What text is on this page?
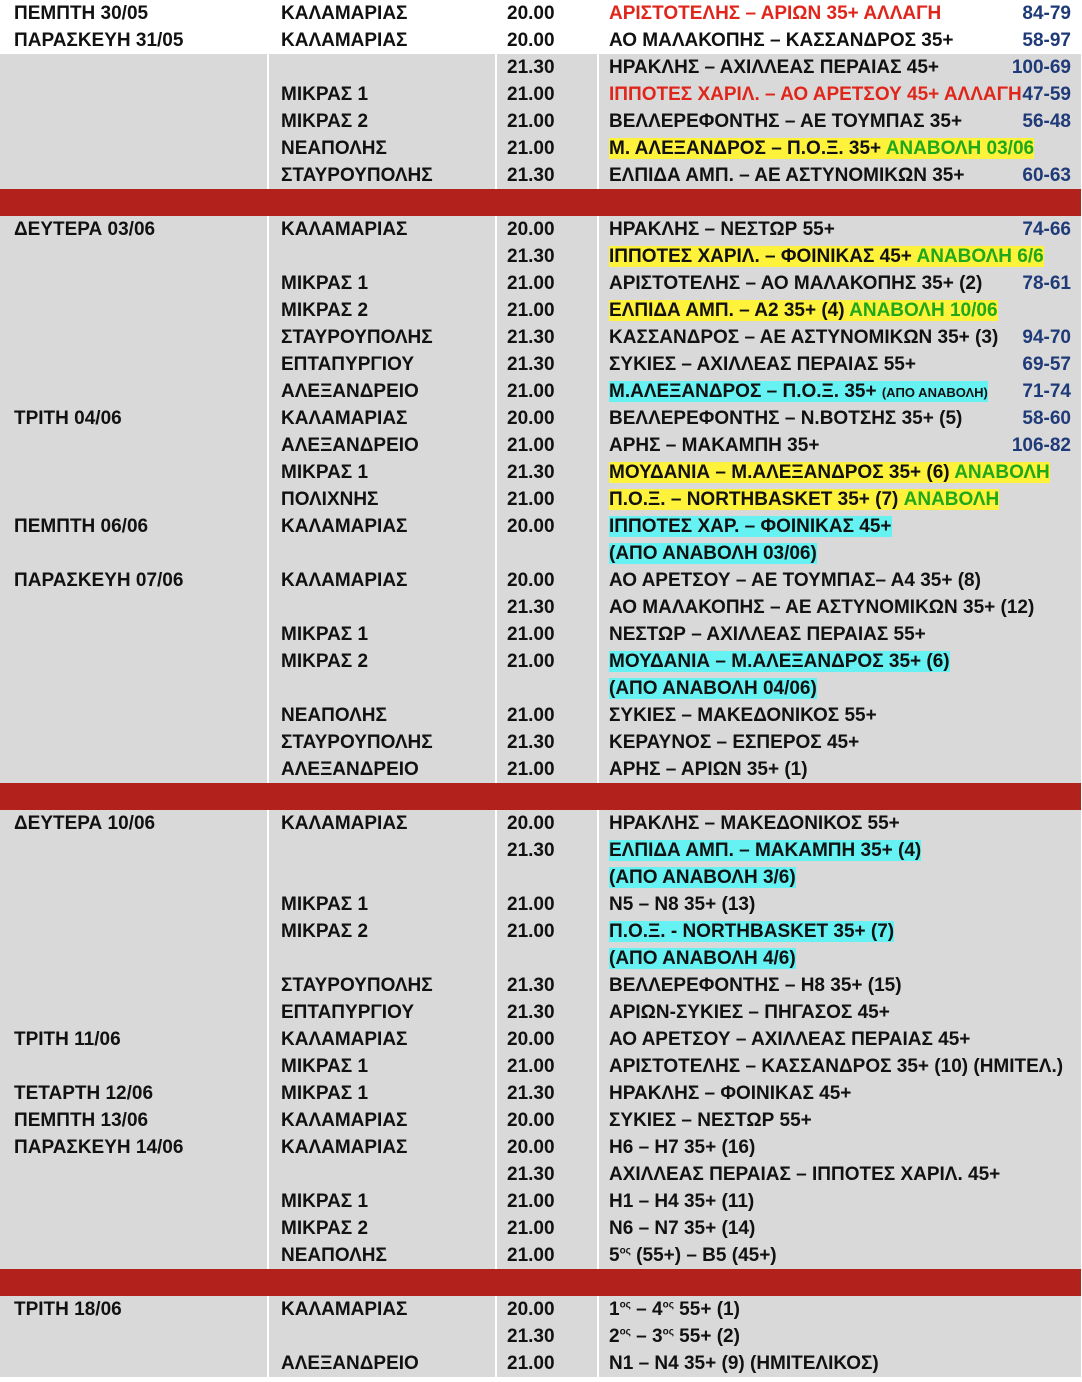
ΠΕΜΠΤΗ 30/05	ΚΑΛΑΜΑΡΙΑΣ	20.00	ΑΡΙΣΤΟΤΕΛΗΣ – ΑΡΙΩΝ 35+ ΑΛΛΑΓΗ 84-79

ΠΑΡΑΣΚΕΥΗ 31/05	ΚΑΛΑΜΑΡΙΑΣ	20.00	ΑΟ ΜΑΛΑΚΟΠΗΣ – ΚΑΣΣΑΝΔΡΟΣ 35+ 58-97

		21.30	ΗΡΑΚΛΗΣ – ΑΧΙΛΛΕΑΣ ΠΕΡΑΙΑΣ 45+ 100-69

	ΜΙΚΡΑΣ 1	21.00	ΙΠΠΟΤΕΣ ΧΑΡΙΛ. – ΑΟ ΑΡΕΤΣΟΥ 45+ ΑΛΛΑΓΗ 47-59

	ΜΙΚΡΑΣ 2	21.00	ΒΕΛΛΕΡΕΦΟΝΤΗΣ – ΑΕ ΤΟΥΜΠΑΣ 35+ 56-48

	ΝΕΑΠΟΛΗΣ	21.00	Μ. ΑΛΕΞΑΝΔΡΟΣ – Π.Ο.Ξ. 35+ ΑΝΑΒΟΛΗ 03/06
	ΣΤΑΥΡΟΥΠΟΛΗΣ	21.30	ΕΛΠΙΔΑ ΑΜΠ. – ΑΕ ΑΣΤΥΝΟΜΙΚΩΝ 35+ 60-63

ΔΕΥΤΕΡΑ 03/06	ΚΑΛΑΜΑΡΙΑΣ	20.00	ΗΡΑΚΛΗΣ – ΝΕΣΤΩΡ 55+ 74-66

		21.30	ΙΠΠΟΤΕΣ ΧΑΡΙΛ. – ΦΟΙΝΙΚΑΣ 45+ ΑΝΑΒΟΛΗ 6/6
	ΜΙΚΡΑΣ 1	21.00	ΑΡΙΣΤΟΤΕΛΗΣ – ΑΟ ΜΑΛΑΚΟΠΗΣ 35+ (2) 78-61

	ΜΙΚΡΑΣ 2	21.00	ΕΛΠΙΔΑ ΑΜΠ. – Α2 35+ (4) ΑΝΑΒΟΛΗ 10/06
	ΣΤΑΥΡΟΥΠΟΛΗΣ	21.30	ΚΑΣΣΑΝΔΡΟΣ – ΑΕ ΑΣΤΥΝΟΜΙΚΩΝ 35+ (3) 94-70

	ΕΠΤΑΠΥΡΓΙΟΥ	21.30	ΣΥΚΙΕΣ – ΑΧΙΛΛΕΑΣ ΠΕΡΑΙΑΣ 55+ 69-57

	ΑΛΕΞΑΝΔΡΕΙΟ	21.00	Μ.ΑΛΕΞΑΝΔΡΟΣ – Π.Ο.Ξ. 35+ (ΑΠΟ ΑΝΑΒΟΛΗ) 71-74

ΤΡΙΤΗ 04/06	ΚΑΛΑΜΑΡΙΑΣ	20.00	ΒΕΛΛΕΡΕΦΟΝΤΗΣ – Ν.ΒΟΤΣΗΣ 35+ (5) 58-60

	ΑΛΕΞΑΝΔΡΕΙΟ	21.00	ΑΡΗΣ – ΜΑΚΑΜΠΗ 35+ 106-82

	ΜΙΚΡΑΣ 1	21.30	ΜΟΥΔΑΝΙΑ – Μ.ΑΛΕΞΑΝΔΡΟΣ 35+ (6) ΑΝΑΒΟΛΗ
	ΠΟΛΙΧΝΗΣ	21.00	Π.Ο.Ξ. – NORTHBASKET 35+ (7) ΑΝΑΒΟΛΗ
ΠΕΜΠΤΗ 06/06	ΚΑΛΑΜΑΡΙΑΣ	20.00	ΙΠΠΟΤΕΣ ΧΑΡ. – ΦΟΙΝΙΚΑΣ 45+
			(ΑΠΟ ΑΝΑΒΟΛΗ 03/06)
ΠΑΡΑΣΚΕΥΗ 07/06	ΚΑΛΑΜΑΡΙΑΣ	20.00	ΑΟ ΑΡΕΤΣΟΥ – ΑΕ ΤΟΥΜΠΑΣ– Α4 35+ (8)
		21.30	ΑΟ ΜΑΛΑΚΟΠΗΣ – ΑΕ ΑΣΤΥΝΟΜΙΚΩΝ 35+ (12)
	ΜΙΚΡΑΣ 1	21.00	ΝΕΣΤΩΡ – ΑΧΙΛΛΕΑΣ ΠΕΡΑΙΑΣ 55+
	ΜΙΚΡΑΣ 2	21.00	ΜΟΥΔΑΝΙΑ – Μ.ΑΛΕΞΑΝΔΡΟΣ 35+ (6)
			(ΑΠΟ ΑΝΑΒΟΛΗ 04/06)
	ΝΕΑΠΟΛΗΣ	21.00	ΣΥΚΙΕΣ – ΜΑΚΕΔΟΝΙΚΟΣ 55+
	ΣΤΑΥΡΟΥΠΟΛΗΣ	21.30	ΚΕΡΑΥΝΟΣ – ΕΣΠΕΡΟΣ 45+
	ΑΛΕΞΑΝΔΡΕΙΟ	21.00	ΑΡΗΣ – ΑΡΙΩΝ 35+ (1)

ΔΕΥΤΕΡΑ 10/06	ΚΑΛΑΜΑΡΙΑΣ	20.00	ΗΡΑΚΛΗΣ – ΜΑΚΕΔΟΝΙΚΟΣ 55+
		21.30	ΕΛΠΙΔΑ ΑΜΠ. – ΜΑΚΑΜΠΗ 35+ (4)
			(ΑΠΟ ΑΝΑΒΟΛΗ 3/6)
	ΜΙΚΡΑΣ 1	21.00	Ν5 – Ν8 35+ (13)
	ΜΙΚΡΑΣ 2	21.00	Π.Ο.Ξ. - NORTHBASKET 35+ (7)
			(ΑΠΟ ΑΝΑΒΟΛΗ 4/6)
	ΣΤΑΥΡΟΥΠΟΛΗΣ	21.30	ΒΕΛΛΕΡΕΦΟΝΤΗΣ – Η8 35+ (15)
	ΕΠΤΑΠΥΡΓΙΟΥ	21.30	ΑΡΙΩΝ-ΣΥΚΙΕΣ – ΠΗΓΑΣΟΣ 45+
ΤΡΙΤΗ 11/06	ΚΑΛΑΜΑΡΙΑΣ	20.00	ΑΟ ΑΡΕΤΣΟΥ – ΑΧΙΛΛΕΑΣ ΠΕΡΑΙΑΣ 45+
	ΜΙΚΡΑΣ 1	21.00	ΑΡΙΣΤΟΤΕΛΗΣ – ΚΑΣΣΑΝΔΡΟΣ 35+ (10) (ΗΜΙΤΕΛ.)
ΤΕΤΑΡΤΗ 12/06	ΜΙΚΡΑΣ 1	21.30	ΗΡΑΚΛΗΣ – ΦΟΙΝΙΚΑΣ 45+
ΠΕΜΠΤΗ 13/06	ΚΑΛΑΜΑΡΙΑΣ	20.00	ΣΥΚΙΕΣ – ΝΕΣΤΩΡ 55+
ΠΑΡΑΣΚΕΥΗ 14/06	ΚΑΛΑΜΑΡΙΑΣ	20.00	Η6 – Η7 35+ (16)
		21.30	ΑΧΙΛΛΕΑΣ ΠΕΡΑΙΑΣ – ΙΠΠΟΤΕΣ ΧΑΡΙΛ. 45+
	ΜΙΚΡΑΣ 1	21.00	Η1 – Η4 35+ (11)
	ΜΙΚΡΑΣ 2	21.00	Ν6 – Ν7 35+ (14)
	ΝΕΑΠΟΛΗΣ	21.00	$5^{o\varsigma}$ (55+) – Β5 (45+)

ΤΡΙΤΗ 18/06	ΚΑΛΑΜΑΡΙΑΣ	20.00	$1^{o\varsigma} - 4^{o\varsigma}$ 55+ (1)
		21.30	$2^{o\varsigma} - 3^{o\varsigma}$ 55+ (2)
	ΑΛΕΞΑΝΔΡΕΙΟ	21.00	Ν1 – Ν4 35+ (9) (ΗΜΙΤΕΛΙΚΟΣ)
